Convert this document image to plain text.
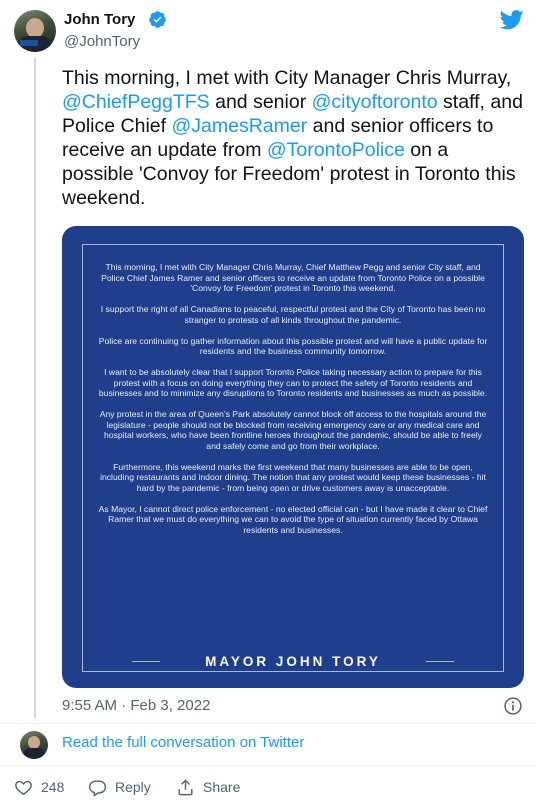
John Tory
@JohnTory
This morning, I met with City Manager Chris Murray, @ChiefPeggTFS and senior @cityoftoronto staff, and Police Chief @JamesRamer and senior officers to receive an update from @TorontoPolice on a possible 'Convoy for Freedom' protest in Toronto this weekend.

This morning, I met with City Manager Chris Murray, Chief Matthew Pegg and senior City staff, and Police Chief James Ramer and senior officers to receive an update from Toronto Police on a possible 'Convoy for Freedom' protest in Toronto this weekend.

I support the right of all Canadians to peaceful, respectful protest and the City of Toronto has been no stranger to protests of all kinds throughout the pandemic.

Police are continuing to gather information about this possible protest and will have a public update for residents and the business community tomorrow.

I want to be absolutely clear that I support Toronto Police taking necessary action to prepare for this protest with a focus on doing everything they can to protect the safety of Toronto residents and businesses and to minimize any disruptions to Toronto residents and businesses as much as possible.

Any protest in the area of Queen's Park absolutely cannot block off access to the hospitals around the legislature - people should not be blocked from receiving emergency care or any medical care and hospital workers, who have been frontline heroes throughout the pandemic, should be able to freely and safely come and go from their workplace.

Furthermore, this weekend marks the first weekend that many businesses are able to be open, including restaurants and indoor dining. The notion that any protest would keep these businesses - hit hard by the pandemic - from being open or drive customers away is unacceptable.

As Mayor, I cannot direct police enforcement - no elected official can - but I have made it clear to Chief Ramer that we must do everything we can to avoid the type of situation currently faced by Ottawa residents and businesses.

MAYOR JOHN TORY
9:55 AM · Feb 3, 2022
Read the full conversation on Twitter
248	Reply	Share
